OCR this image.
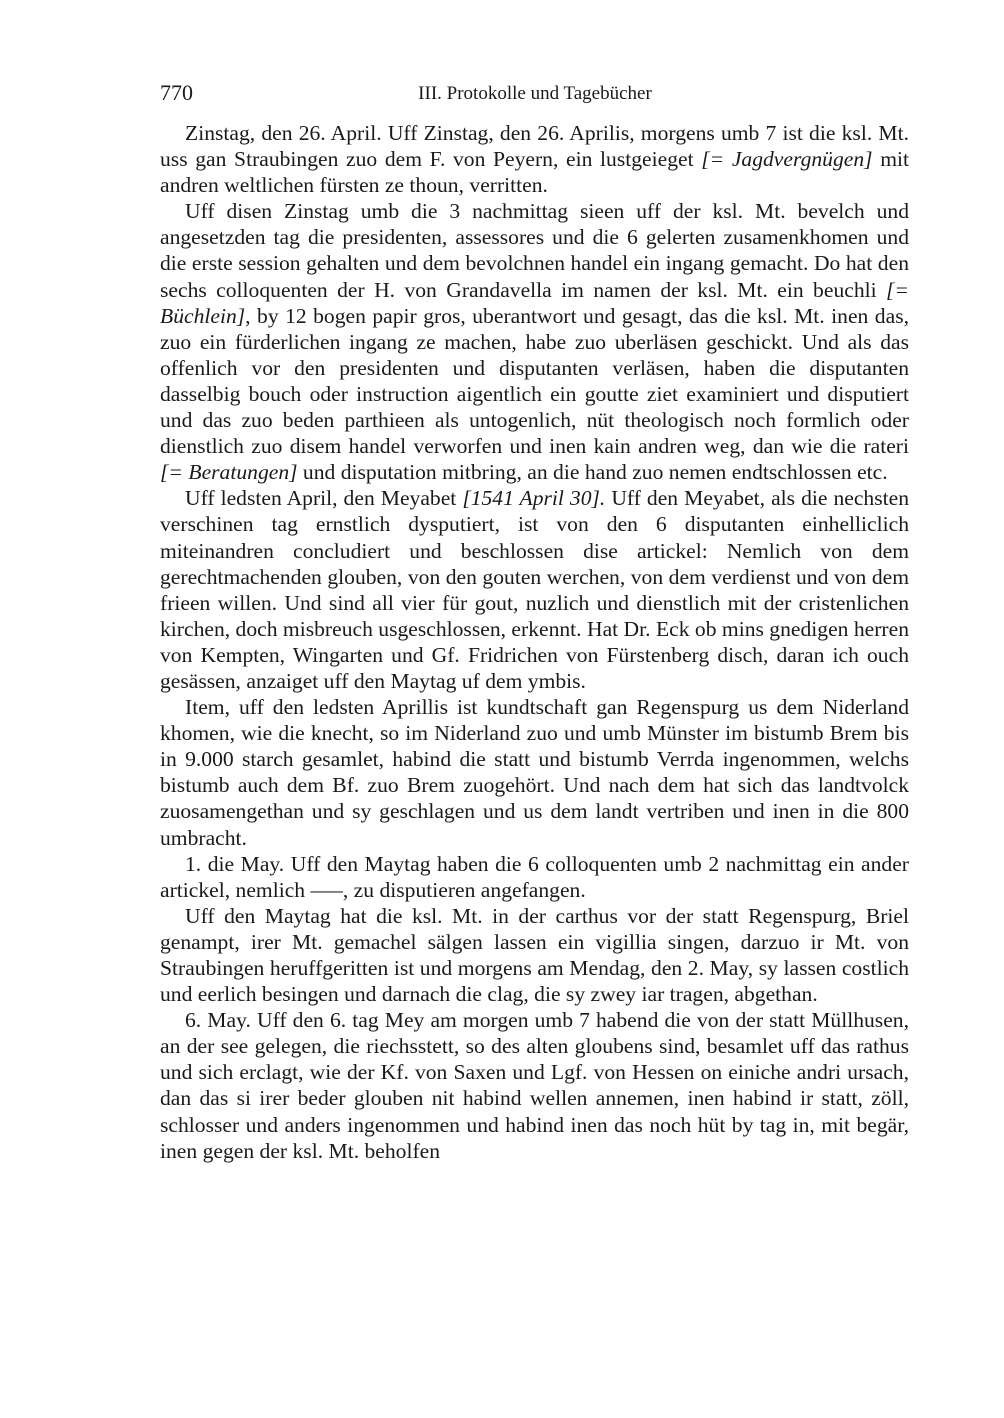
770	III. Protokolle und Tagebücher

Zinstag, den 26. April. Uff Zinstag, den 26. Aprilis, morgens umb 7 ist die ksl. Mt. uss gan Straubingen zuo dem F. von Peyern, ein lustgeieget [= Jagdvergnügen] mit andren weltlichen fürsten ze thoun, verritten.

Uff disen Zinstag umb die 3 nachmittag sieen uff der ksl. Mt. bevelch und angesetzden tag die presidenten, assessores und die 6 gelerten zusamenkhomen und die erste session gehalten und dem bevolchnen handel ein ingang gemacht. Do hat den sechs colloquenten der H. von Grandavella im namen der ksl. Mt. ein beuchli [= Büchlein], by 12 bogen papir gros, uberantwort und gesagt, das die ksl. Mt. inen das, zuo ein fürderlichen ingang ze machen, habe zuo uberläsen geschickt. Und als das offenlich vor den presidenten und disputanten verläsen, haben die disputanten dasselbig bouch oder instruction aigentlich ein goutte ziet examiniert und disputiert und das zuo beden parthieen als untogenlich, nüt theologisch noch formlich oder dienstlich zuo disem handel verworfen und inen kain andren weg, dan wie die rateri [= Beratungen] und disputation mitbring, an die hand zuo nemen endtschlossen etc.

Uff ledsten April, den Meyabet [1541 April 30]. Uff den Meyabet, als die nechsten verschinen tag ernstlich dysputiert, ist von den 6 disputanten einhelliclich miteinandren concludiert und beschlossen dise artickel: Nemlich von dem gerechtmachenden glouben, von den gouten werchen, von dem verdienst und von dem frieen willen. Und sind all vier für gout, nuzlich und dienstlich mit der cristenlichen kirchen, doch misbreuch usgeschlossen, erkennt. Hat Dr. Eck ob mins gnedigen herren von Kempten, Wingarten und Gf. Fridrichen von Fürstenberg disch, daran ich ouch gesässen, anzaiget uff den Maytag uf dem ymbis.

Item, uff den ledsten Aprillis ist kundtschaft gan Regenspurg us dem Niderland khomen, wie die knecht, so im Niderland zuo und umb Münster im bistumb Brem bis in 9.000 starch gesamlet, habind die statt und bistumb Verrda ingenommen, welchs bistumb auch dem Bf. zuo Brem zuogehört. Und nach dem hat sich das landtvolck zuosamengethan und sy geschlagen und us dem landt vertriben und inen in die 800 umbracht.

1. die May. Uff den Maytag haben die 6 colloquenten umb 2 nachmittag ein ander artickel, nemlich –––, zu disputieren angefangen.

Uff den Maytag hat die ksl. Mt. in der carthus vor der statt Regenspurg, Briel genampt, irer Mt. gemachel sälgen lassen ein vigillia singen, darzuo ir Mt. von Straubingen heruffgeritten ist und morgens am Mendag, den 2. May, sy lassen costlich und eerlich besingen und darnach die clag, die sy zwey iar tragen, abgethan.

6. May. Uff den 6. tag Mey am morgen umb 7 habend die von der statt Müllhusen, an der see gelegen, die riechsstett, so des alten gloubens sind, besamlet uff das rathus und sich erclagt, wie der Kf. von Saxen und Lgf. von Hessen on einiche andri ursach, dan das si irer beder glouben nit habind wellen annemen, inen habind ir statt, zöll, schlosser und anders ingenommen und habind inen das noch hüt by tag in, mit begär, inen gegen der ksl. Mt. beholfen
